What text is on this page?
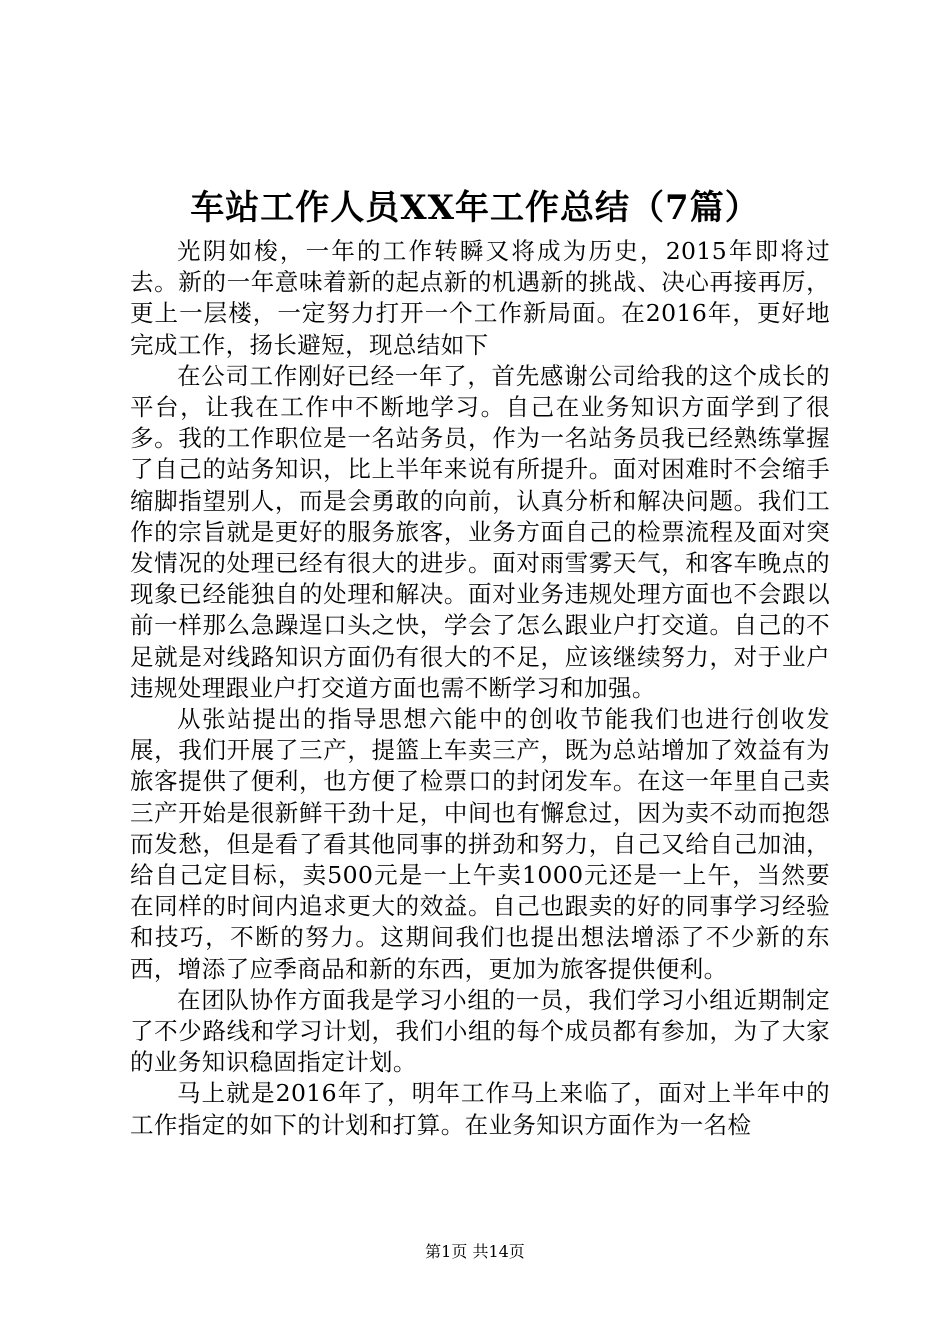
车站工作人员XX年工作总结（7篇）

光阴如梭，一年的工作转瞬又将成为历史，2015年即将过去。新的一年意味着新的起点新的机遇新的挑战、决心再接再厉，更上一层楼，一定努力打开一个工作新局面。在2016年，更好地完成工作，扬长避短，现总结如下

在公司工作刚好已经一年了，首先感谢公司给我的这个成长的平台，让我在工作中不断地学习。自己在业务知识方面学到了很多。我的工作职位是一名站务员，作为一名站务员我已经熟练掌握了自己的站务知识，比上半年来说有所提升。面对困难时不会缩手缩脚指望别人，而是会勇敢的向前，认真分析和解决问题。我们工作的宗旨就是更好的服务旅客，业务方面自己的检票流程及面对突发情况的处理已经有很大的进步。面对雨雪雾天气，和客车晚点的现象已经能独自的处理和解决。面对业务违规处理方面也不会跟以前一样那么急躁逞口头之快，学会了怎么跟业户打交道。自己的不足就是对线路知识方面仍有很大的不足，应该继续努力，对于业户违规处理跟业户打交道方面也需不断学习和加强。

从张站提出的指导思想六能中的创收节能我们也进行创收发展，我们开展了三产，提篮上车卖三产，既为总站增加了效益有为旅客提供了便利，也方便了检票口的封闭发车。在这一年里自己卖三产开始是很新鲜干劲十足，中间也有懈怠过，因为卖不动而抱怨而发愁，但是看了看其他同事的拼劲和努力，自己又给自己加油，给自己定目标，卖500元是一上午卖1000元还是一上午，当然要在同样的时间内追求更大的效益。自己也跟卖的好的同事学习经验和技巧，不断的努力。这期间我们也提出想法增添了不少新的东西，增添了应季商品和新的东西，更加为旅客提供便利。

在团队协作方面我是学习小组的一员，我们学习小组近期制定了不少路线和学习计划，我们小组的每个成员都有参加，为了大家的业务知识稳固指定计划。

马上就是2016年了，明年工作马上来临了，面对上半年中的工作指定的如下的计划和打算。在业务知识方面作为一名检

第1页 共14页
